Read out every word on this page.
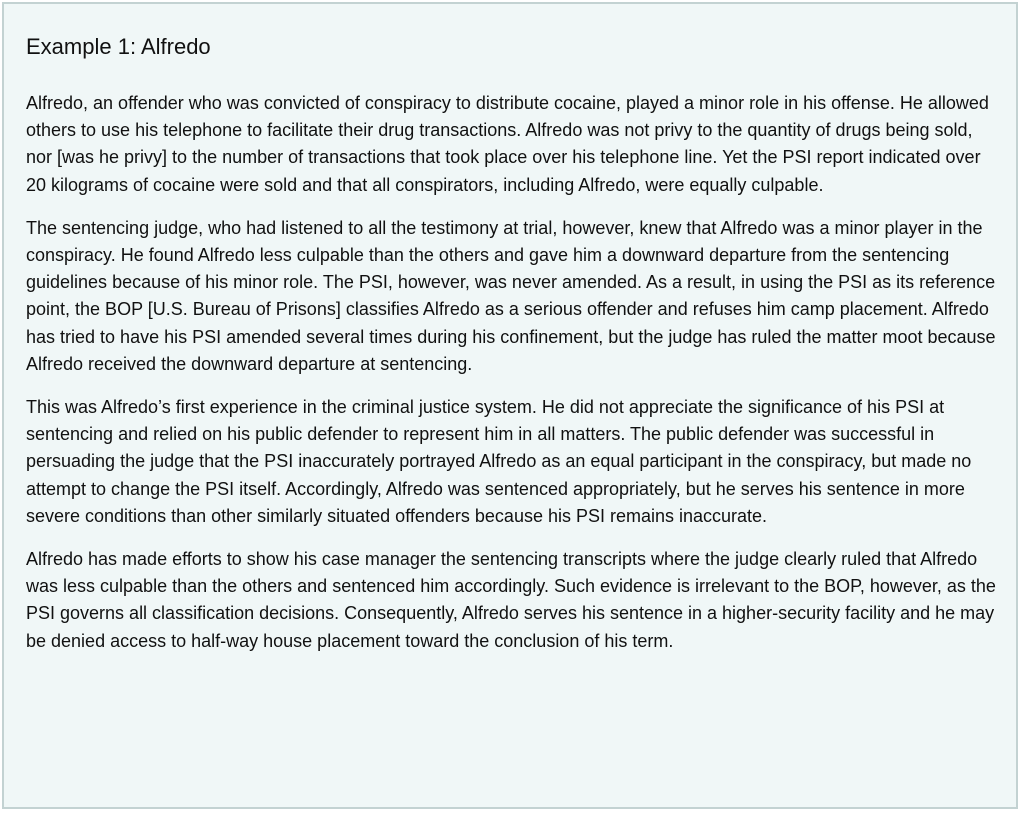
Example 1: Alfredo

Alfredo, an offender who was convicted of conspiracy to distribute cocaine, played a minor role in his offense. He allowed others to use his telephone to facilitate their drug transactions. Alfredo was not privy to the quantity of drugs being sold, nor [was he privy] to the number of transactions that took place over his telephone line. Yet the PSI report indicated over 20 kilograms of cocaine were sold and that all conspirators, including Alfredo, were equally culpable.

The sentencing judge, who had listened to all the testimony at trial, however, knew that Alfredo was a minor player in the conspiracy. He found Alfredo less culpable than the others and gave him a downward departure from the sentencing guidelines because of his minor role. The PSI, however, was never amended. As a result, in using the PSI as its reference point, the BOP [U.S. Bureau of Prisons] classifies Alfredo as a serious offender and refuses him camp placement. Alfredo has tried to have his PSI amended several times during his confinement, but the judge has ruled the matter moot because Alfredo received the downward departure at sentencing.

This was Alfredo’s first experience in the criminal justice system. He did not appreciate the significance of his PSI at sentencing and relied on his public defender to represent him in all matters. The public defender was successful in persuading the judge that the PSI inaccurately portrayed Alfredo as an equal participant in the conspiracy, but made no attempt to change the PSI itself. Accordingly, Alfredo was sentenced appropriately, but he serves his sentence in more severe conditions than other similarly situated offenders because his PSI remains inaccurate.

Alfredo has made efforts to show his case manager the sentencing transcripts where the judge clearly ruled that Alfredo was less culpable than the others and sentenced him accordingly. Such evidence is irrelevant to the BOP, however, as the PSI governs all classification decisions. Consequently, Alfredo serves his sentence in a higher-security facility and he may be denied access to half-way house placement toward the conclusion of his term.
